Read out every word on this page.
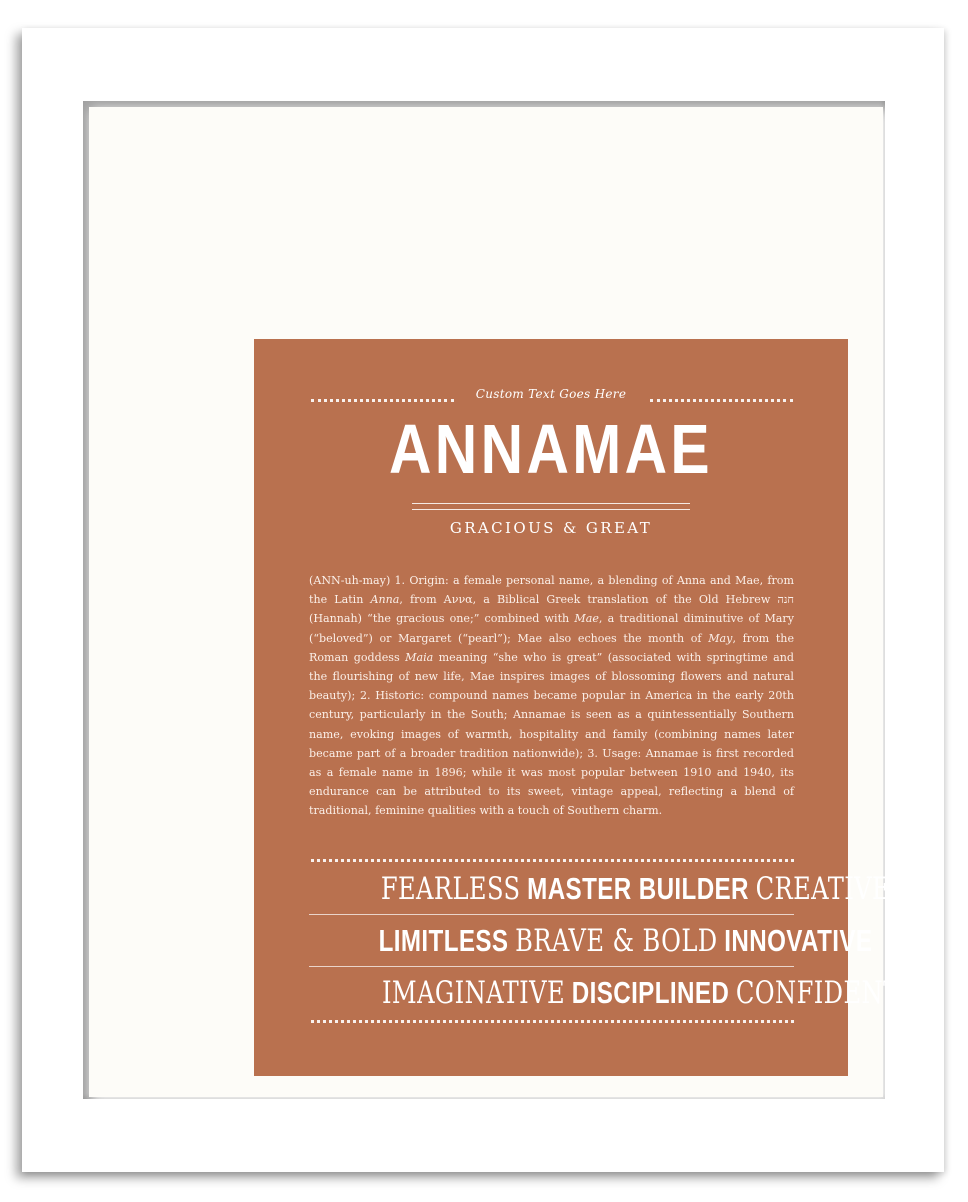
Custom Text Goes Here
ANNAMAE
GRACIOUS & GREAT
(ANN-uh-may) 1. Origin: a female personal name, a blending of Anna and Mae, from the Latin Anna, from Αννα, a Biblical Greek translation of the Old Hebrew חנה (Hannah) “the gracious one;” combined with Mae, a traditional diminutive of Mary (“beloved”) or Margaret (“pearl”); Mae also echoes the month of May, from the Roman goddess Maia meaning “she who is great” (associated with springtime and the flourishing of new life, Mae inspires images of blossoming flowers and natural beauty); 2. Historic: compound names became popular in America in the early 20th century, particularly in the South; Annamae is seen as a quintessentially Southern name, evoking images of warmth, hospitality and family (combining names later became part of a broader tradition nationwide); 3. Usage: Annamae is first recorded as a female name in 1896; while it was most popular between 1910 and 1940, its endurance can be attributed to its sweet, vintage appeal, reflecting a blend of traditional, feminine qualities with a touch of Southern charm.
FEARLESS MASTER BUILDER CREATIVE
LIMITLESS BRAVE & BOLD INNOVATIVE
IMAGINATIVE DISCIPLINED CONFIDENT
